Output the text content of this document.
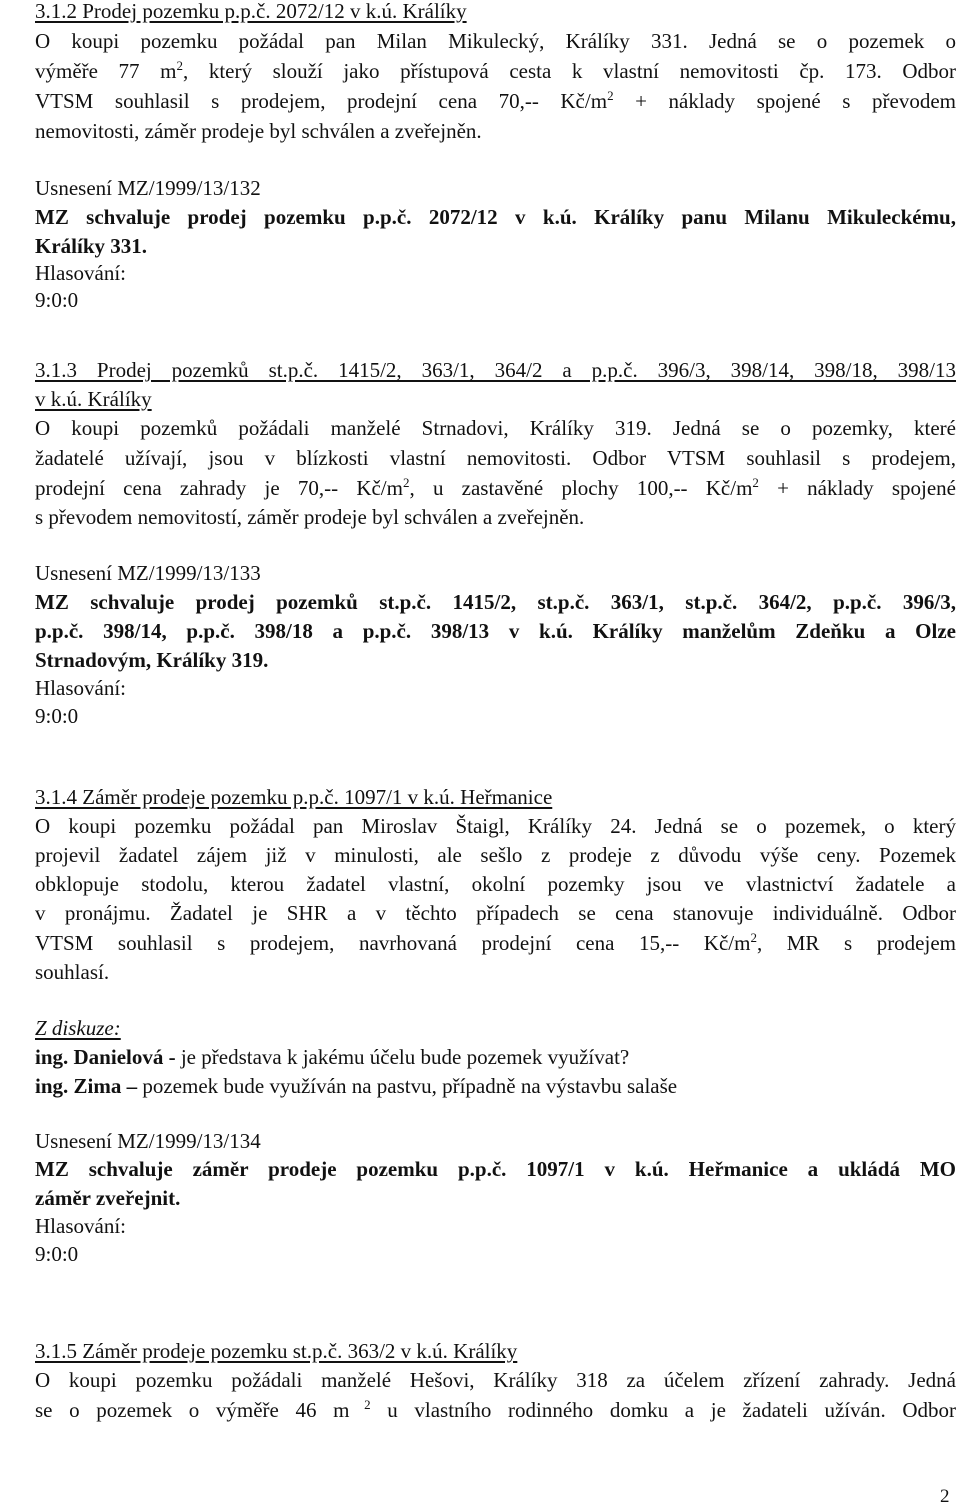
3.1.2 Prodej pozemku p.p.č. 2072/12 v k.ú. Králíky
O koupi pozemku požádal pan Milan Mikulecký, Králíky 331. Jedná se o pozemek o
výměře 77 $m^2$, který slouží jako přístupová cesta k vlastní nemovitosti čp. 173. Odbor
VTSM souhlasil s prodejem, prodejní cena 70,-- $Kč/m^2$ + náklady spojené s převodem
nemovitosti, záměr prodeje byl schválen a zveřejněn.
Usnesení MZ/1999/13/132
MZ schvaluje prodej pozemku p.p.č. 2072/12 v k.ú. Králíky panu Milanu Mikuleckému,
Králíky 331.
Hlasování:
9:0:0
3.1.3 Prodej pozemků st.p.č. 1415/2, 363/1, 364/2 a p.p.č. 396/3, 398/14, 398/18, 398/13
v k.ú. Králíky
O koupi pozemků požádali manželé Strnadovi, Králíky 319. Jedná se o pozemky, které
žadatelé užívají, jsou v blízkosti vlastní nemovitosti. Odbor VTSM souhlasil s prodejem,
prodejní cena zahrady je 70,-- $Kč/m^2$, u zastavěné plochy 100,-- $Kč/m^2$ + náklady spojené
s převodem nemovitostí, záměr prodeje byl schválen a zveřejněn.
Usnesení MZ/1999/13/133
MZ schvaluje prodej pozemků st.p.č. 1415/2, st.p.č. 363/1, st.p.č. 364/2, p.p.č. 396/3,
p.p.č. 398/14, p.p.č. 398/18 a p.p.č. 398/13 v k.ú. Králíky manželům Zdeňku a Olze
Strnadovým, Králíky 319.
Hlasování:
9:0:0
3.1.4 Záměr prodeje pozemku p.p.č. 1097/1 v k.ú. Heřmanice
O koupi pozemku požádal pan Miroslav Štaigl, Králíky 24. Jedná se o pozemek, o který
projevil žadatel zájem již v minulosti, ale sešlo z prodeje z důvodu výše ceny. Pozemek
obklopuje stodolu, kterou žadatel vlastní, okolní pozemky jsou ve vlastnictví žadatele a
v pronájmu. Žadatel je SHR a v těchto případech se cena stanovuje individuálně. Odbor
VTSM souhlasil s prodejem, navrhovaná prodejní cena 15,-- $Kč/m^2$, MR s prodejem
souhlasí.
Z diskuze:
ing. Danielová - je představa k jakému účelu bude pozemek využívat?
ing. Zima – pozemek bude využíván na pastvu, případně na výstavbu salaše
Usnesení MZ/1999/13/134
MZ schvaluje záměr prodeje pozemku p.p.č. 1097/1 v k.ú. Heřmanice a ukládá MO
záměr zveřejnit.
Hlasování:
9:0:0
3.1.5 Záměr prodeje pozemku st.p.č. 363/2 v k.ú. Králíky
O koupi pozemku požádali manželé Hešovi, Králíky 318 za účelem zřízení zahrady. Jedná
se o pozemek o výměře 46 m $^2$ u vlastního rodinného domku a je žadateli užíván. Odbor
2
